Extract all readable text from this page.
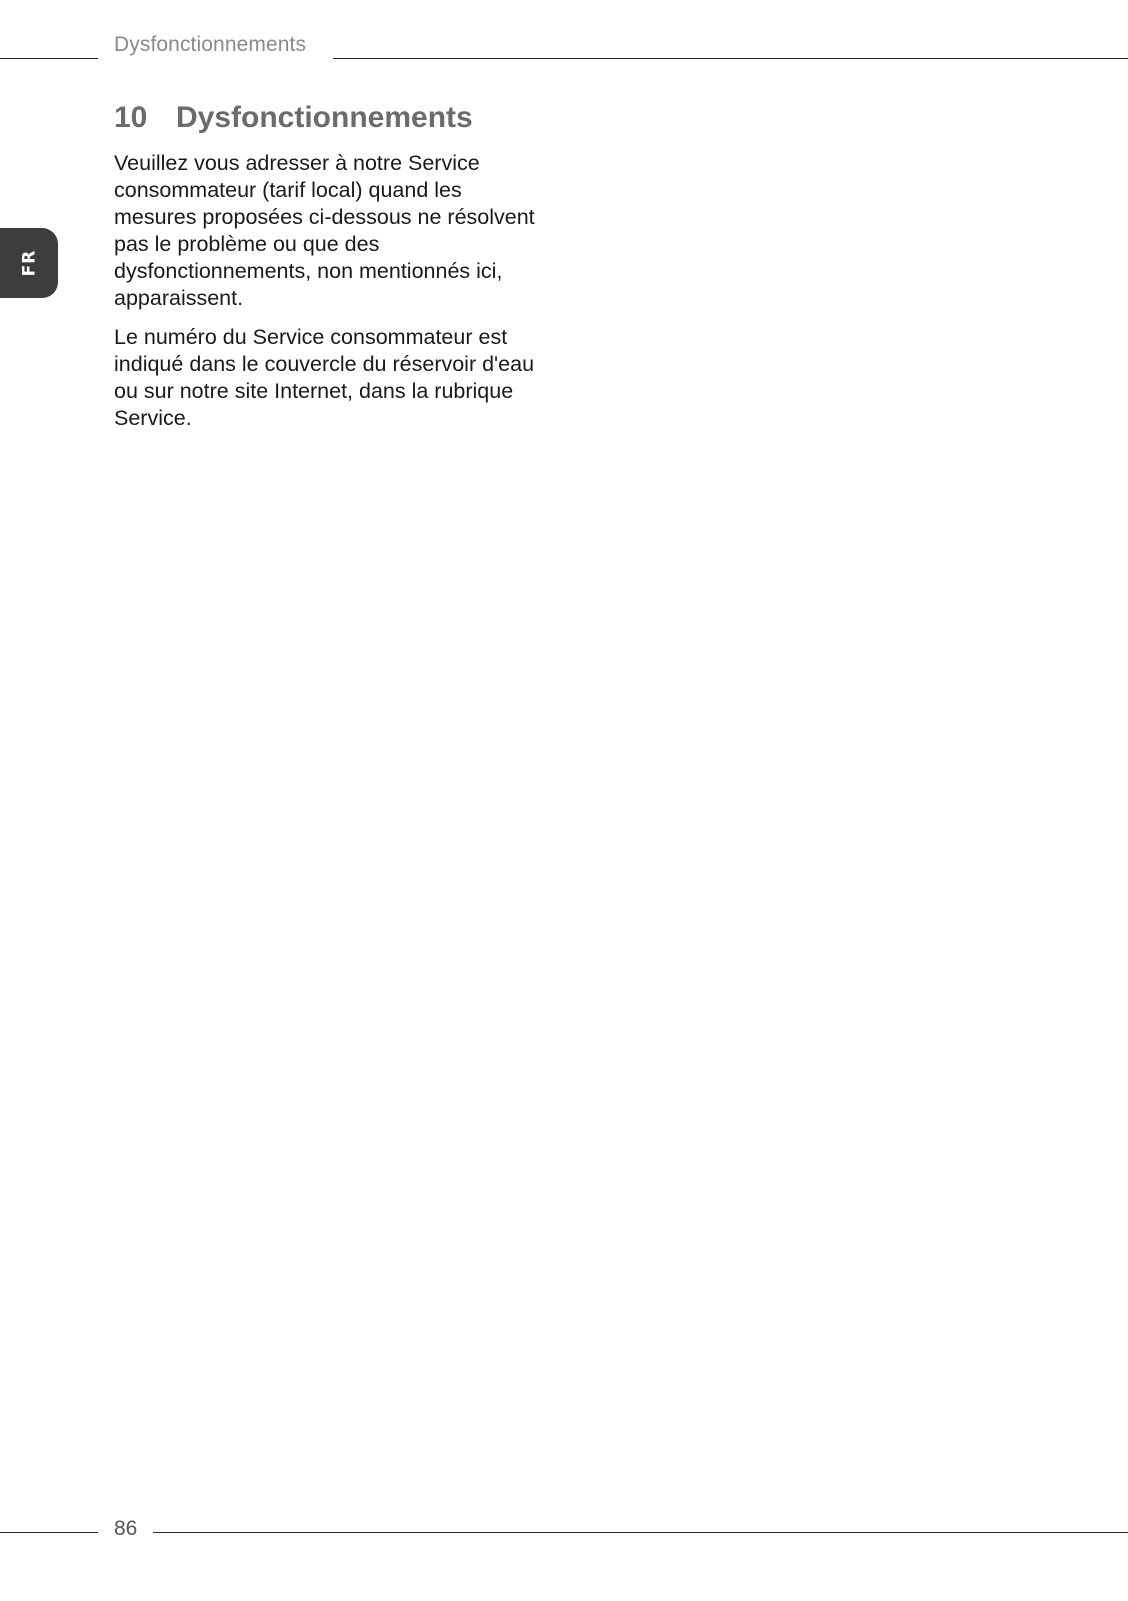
Dysfonctionnements
FR
10 Dysfonctionnements

Veuillez vous adresser à notre Service consommateur (tarif local) quand les mesures proposées ci-dessous ne résolvent pas le problème ou que des dysfonctionnements, non mentionnés ici, apparaissent.

Le numéro du Service consommateur est indiqué dans le couvercle du réservoir d'eau ou sur notre site Internet, dans la rubrique Service.

86
